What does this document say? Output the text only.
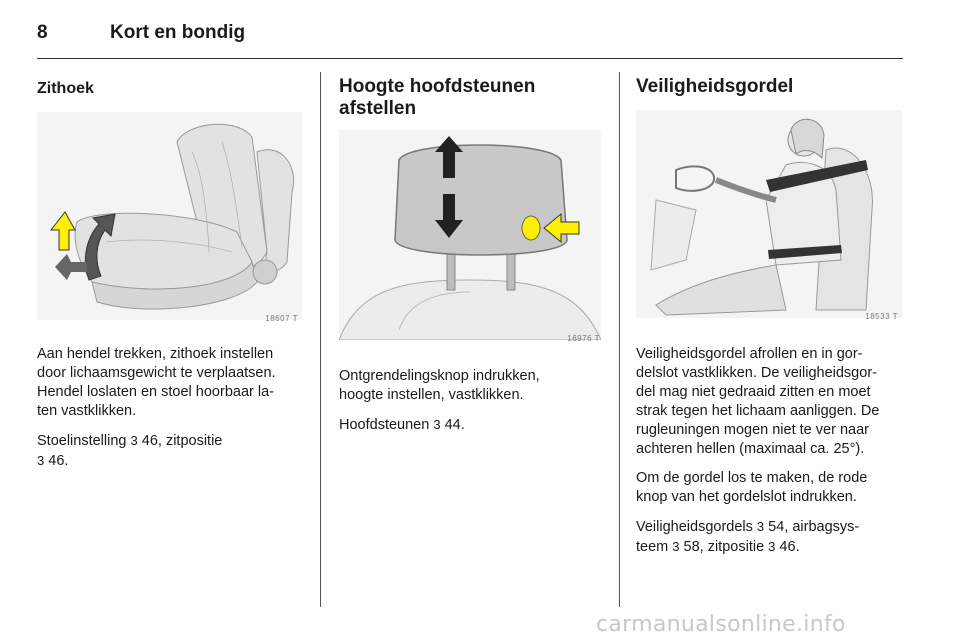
8	Kort en bondig
Zithoek
18607 T

Aan hendel trekken, zithoek instellen

door lichaamsgewicht te verplaatsen.

Hendel loslaten en stoel hoorbaar la-

ten vastklikken.

Stoelinstelling 3 46, zitpositie
3 46.

Hoogte hoofdsteunen
afstellen
16976 T

Ontgrendelingsknop indrukken,

hoogte instellen, vastklikken.

Hoofdsteunen 3 44.

Veiligheidsgordel
18533 T

Veiligheidsgordel afrollen en in gor-

delslot vastklikken. De veiligheidsgor-

del mag niet gedraaid zitten en moet

strak tegen het lichaam aanliggen. De

rugleuningen mogen niet te ver naar

achteren hellen (maximaal ca. 25°).

Om de gordel los te maken, de rode

knop van het gordelslot indrukken.

Veiligheidsgordels 3 54, airbagsys-
teem 3 58, zitpositie 3 46.

carmanualsonline.info
